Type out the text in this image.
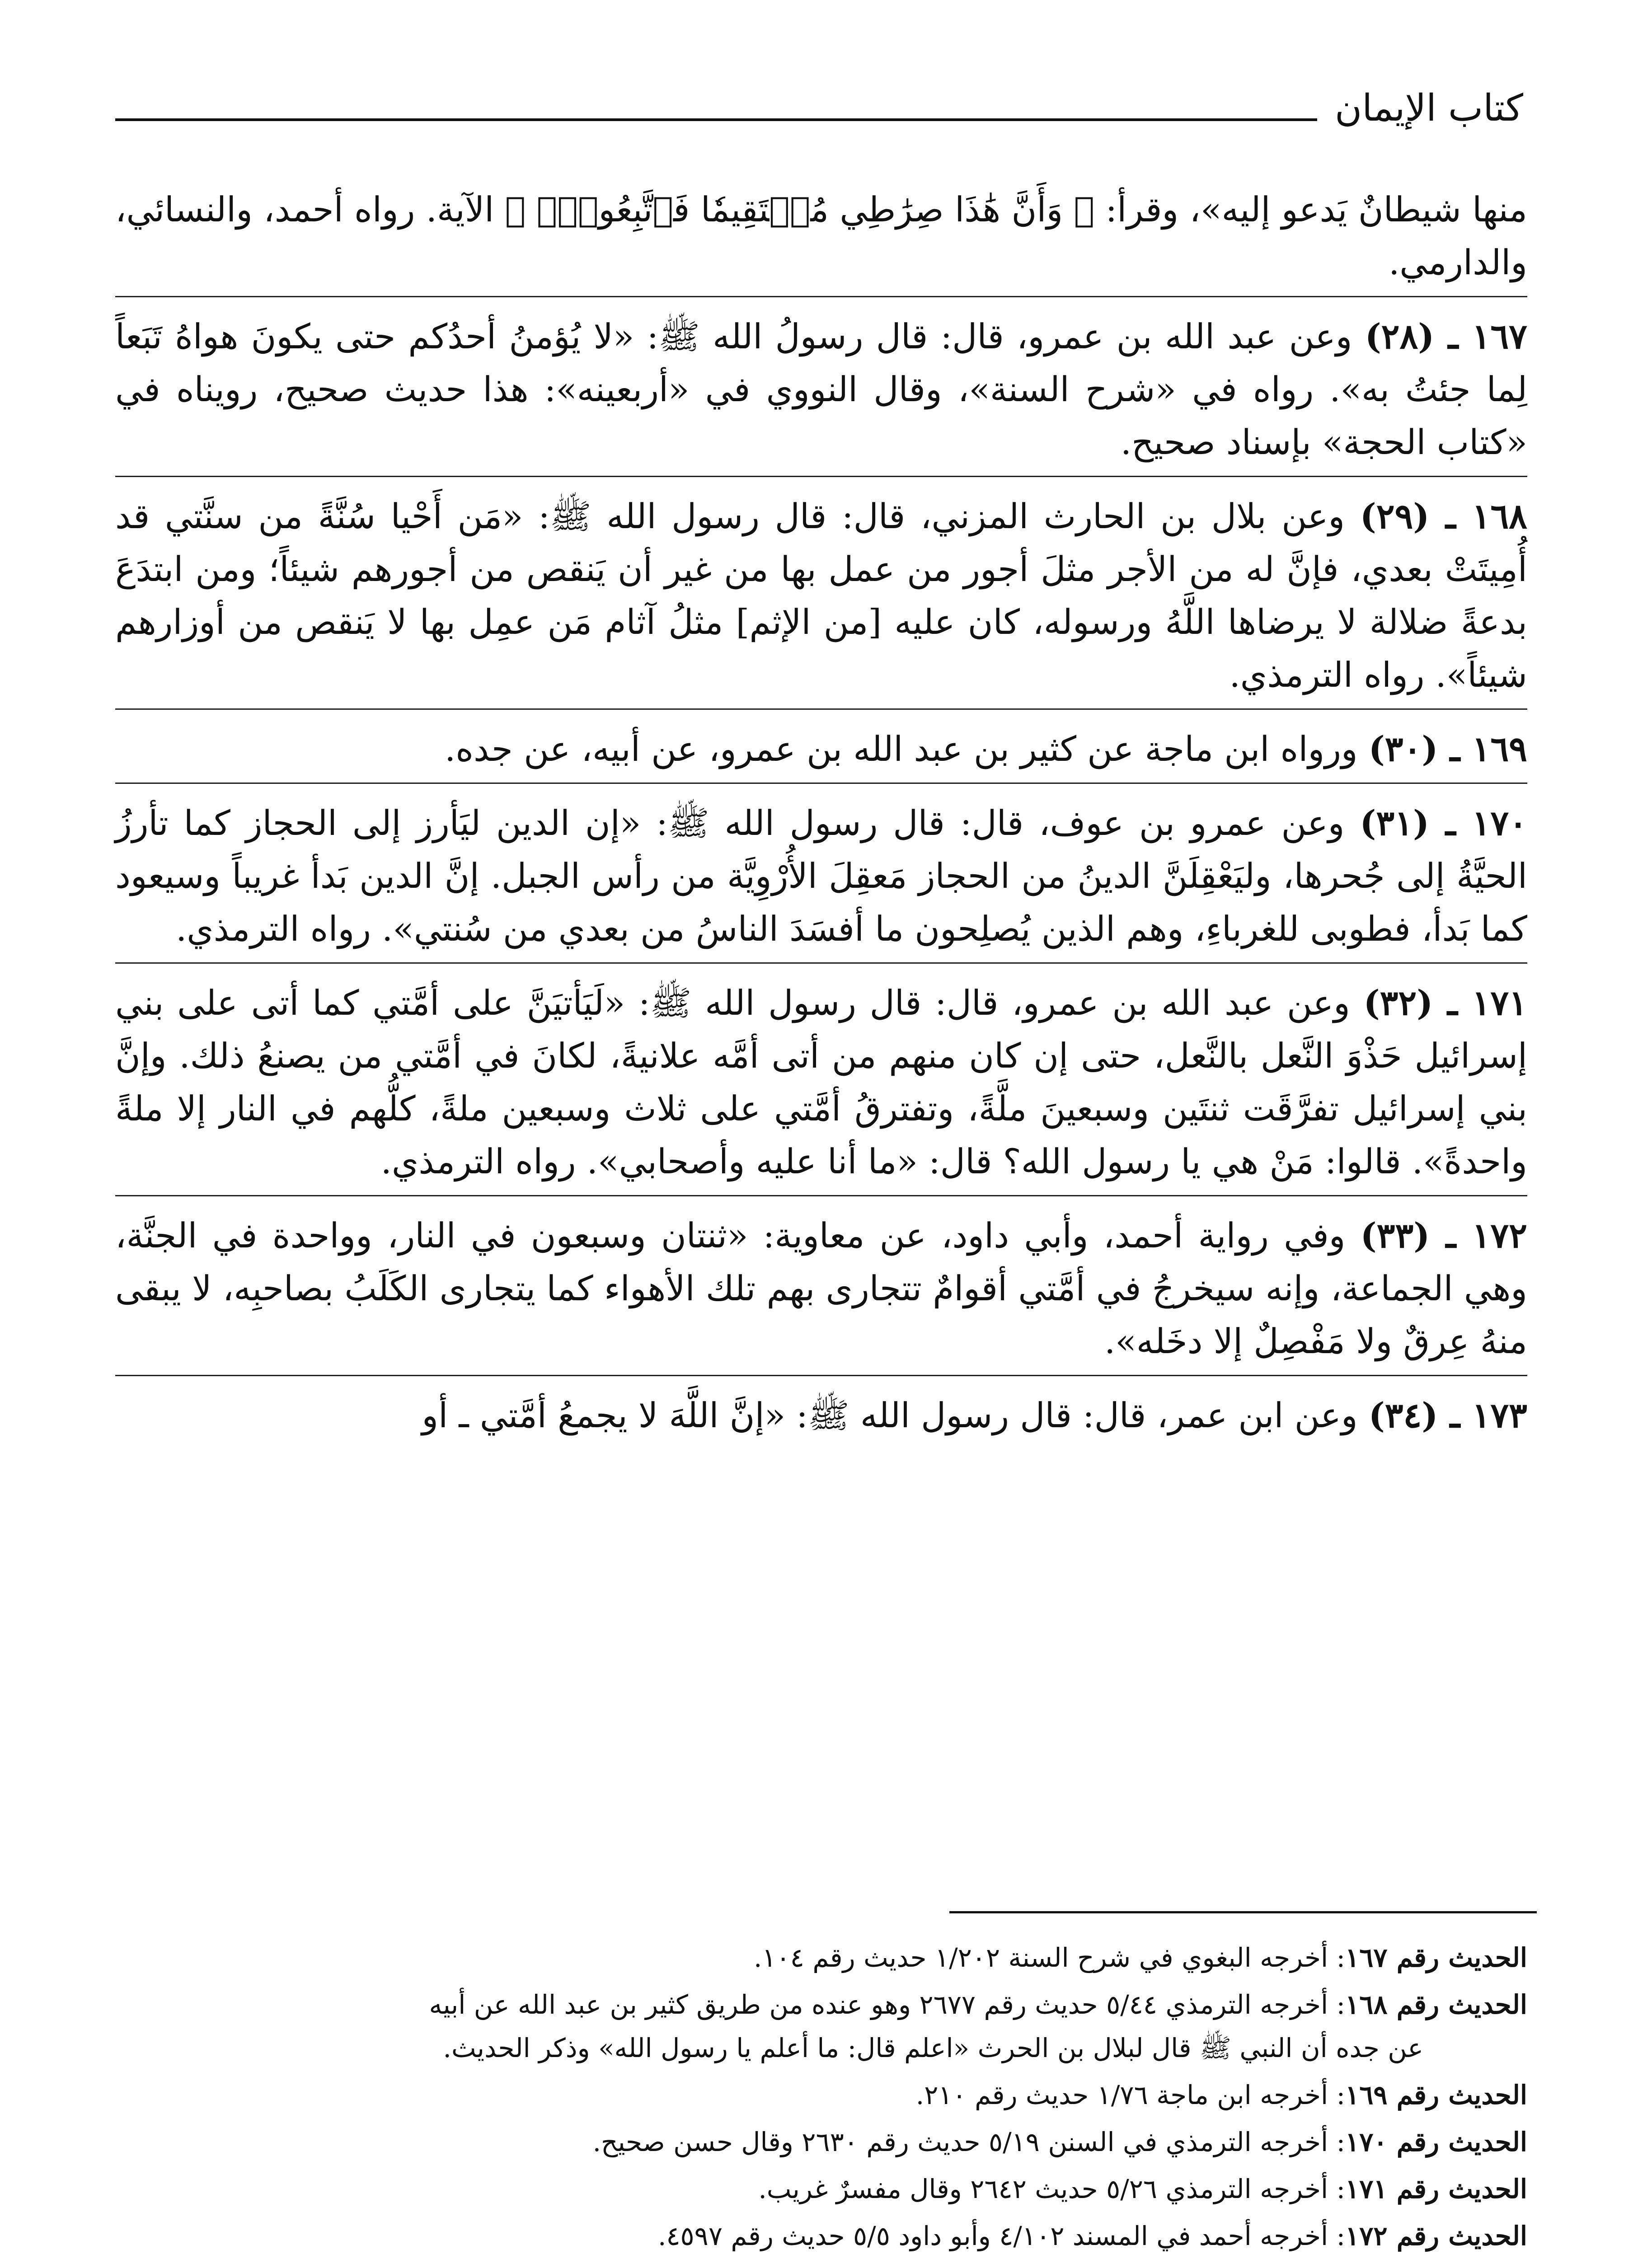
كتاب الإيمان

منها شيطانٌ يَدعو إليه»، وقرأ: ﴿ وَأَنَّ هَٰذَا صِرَٰطِي مُسۡتَقِيمٗا فَٱتَّبِعُوهُۖ ﴾ الآية. رواه أحمد، والنسائي، والدارمي.

١٦٧ ـ (٢٨) وعن عبد الله بن عمرو، قال: قال رسولُ الله ﷺ: «لا يُؤمنُ أحدُكم حتى يكونَ هواهُ تَبَعاً لِما جئتُ به». رواه في «شرح السنة»، وقال النووي في «أربعينه»: هذا حديث صحيح، رويناه في «كتاب الحجة» بإسناد صحيح.

١٦٨ ـ (٢٩) وعن بلال بن الحارث المزني، قال: قال رسول الله ﷺ: «مَن أَحْيا سُنَّةً من سنَّتي قد أُمِيتَتْ بعدي، فإنَّ له من الأجر مثلَ أجور من عمل بها من غير أن يَنقص من أجورهم شيئاً؛ ومن ابتدَعَ بدعةً ضلالة لا يرضاها اللَّهُ ورسوله، كان عليه [من الإثم] مثلُ آثام مَن عمِل بها لا يَنقص من أوزارهم شيئاً». رواه الترمذي.

١٦٩ ـ (٣٠) ورواه ابن ماجة عن كثير بن عبد الله بن عمرو، عن أبيه، عن جده.

١٧٠ ـ (٣١) وعن عمرو بن عوف، قال: قال رسول الله ﷺ: «إن الدين ليَأرز إلى الحجاز كما تأرزُ الحيَّةُ إلى جُحرها، وليَعْقِلَنَّ الدينُ من الحجاز مَعقِلَ الأُرْوِيَّة من رأس الجبل. إنَّ الدين بَدأ غريباً وسيعود كما بَدأ، فطوبى للغرباءِ، وهم الذين يُصلِحون ما أفسَدَ الناسُ من بعدي من سُنتي». رواه الترمذي.

١٧١ ـ (٣٢) وعن عبد الله بن عمرو، قال: قال رسول الله ﷺ: «لَيَأتيَنَّ على أمَّتي كما أتى على بني إسرائيل حَذْوَ النَّعل بالنَّعل، حتى إن كان منهم من أتى أمَّه علانيةً، لكانَ في أمَّتي من يصنعُ ذلك. وإنَّ بني إسرائيل تفرَّقَت ثنتَين وسبعينَ ملَّةً، وتفترقُ أمَّتي على ثلاث وسبعين ملةً، كلُّهم في النار إلا ملةً واحدةً». قالوا: مَنْ هي يا رسول الله؟ قال: «ما أنا عليه وأصحابي». رواه الترمذي.

١٧٢ ـ (٣٣) وفي رواية أحمد، وأبي داود، عن معاوية: «ثنتان وسبعون في النار، وواحدة في الجنَّة، وهي الجماعة، وإنه سيخرجُ في أمَّتي أقوامٌ تتجارى بهم تلك الأهواء كما يتجارى الكَلَبُ بصاحبِه، لا يبقى منهُ عِرقٌ ولا مَفْصِلٌ إلا دخَله».

١٧٣ ـ (٣٤) وعن ابن عمر، قال: قال رسول الله ﷺ: «إنَّ اللَّهَ لا يجمعُ أمَّتي ـ أو

الحديث رقم ١٦٧: أخرجه البغوي في شرح السنة ١/٢٠٢ حديث رقم ١٠٤.
الحديث رقم ١٦٨: أخرجه الترمذي ٥/٤٤ حديث رقم ٢٦٧٧ وهو عنده من طريق كثير بن عبد الله عن أبيه
عن جده أن النبي ﷺ قال لبلال بن الحرث «اعلم قال: ما أعلم يا رسول الله» وذكر الحديث.
الحديث رقم ١٦٩: أخرجه ابن ماجة ١/٧٦ حديث رقم ٢١٠.
الحديث رقم ١٧٠: أخرجه الترمذي في السنن ٥/١٩ حديث رقم ٢٦٣٠ وقال حسن صحيح.
الحديث رقم ١٧١: أخرجه الترمذي ٥/٢٦ حديث ٢٦٤٢ وقال مفسرٌ غريب.
الحديث رقم ١٧٢: أخرجه أحمد في المسند ٤/١٠٢ وأبو داود ٥/٥ حديث رقم ٤٥٩٧.
